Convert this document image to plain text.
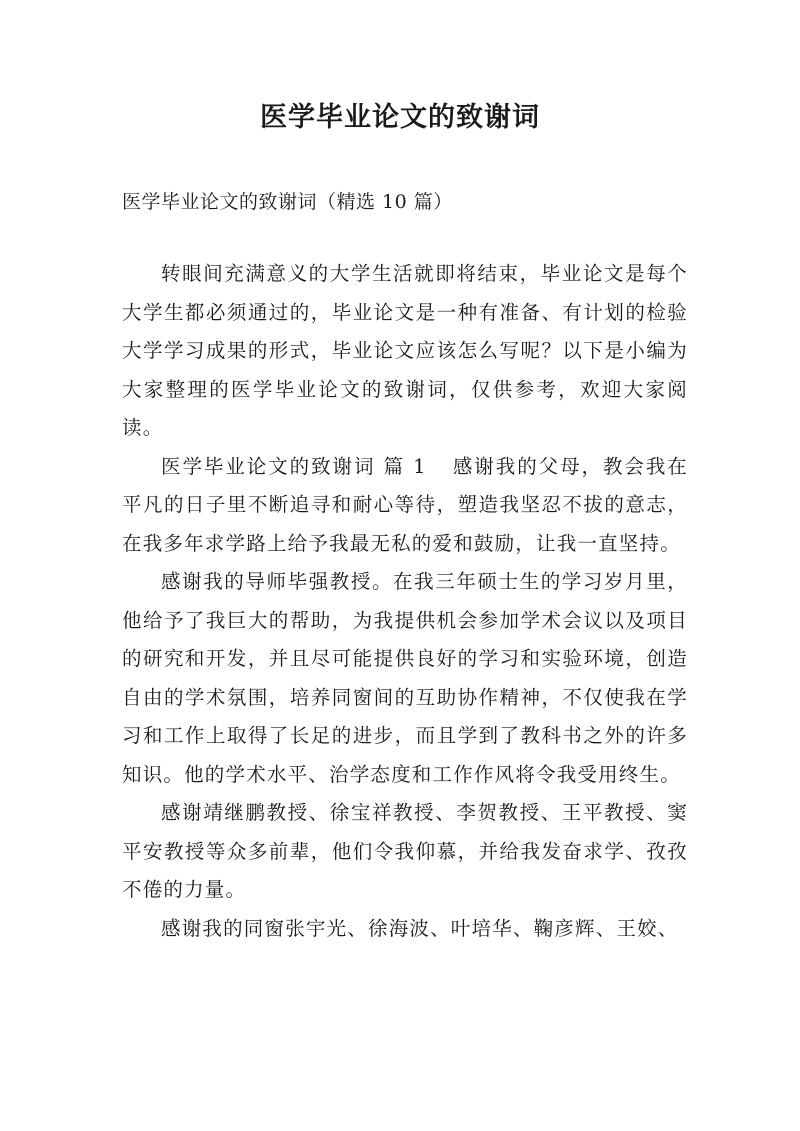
医学毕业论文的致谢词

医学毕业论文的致谢词（精选 10 篇）

转眼间充满意义的大学生活就即将结束，毕业论文是每个大学生都必须通过的，毕业论文是一种有准备、有计划的检验大学学习成果的形式，毕业论文应该怎么写呢？以下是小编为大家整理的医学毕业论文的致谢词，仅供参考，欢迎大家阅读。

医学毕业论文的致谢词 篇 1 感谢我的父母，教会我在平凡的日子里不断追寻和耐心等待，塑造我坚忍不拔的意志，在我多年求学路上给予我最无私的爱和鼓励，让我一直坚持。

感谢我的导师毕强教授。在我三年硕士生的学习岁月里，他给予了我巨大的帮助，为我提供机会参加学术会议以及项目的研究和开发，并且尽可能提供良好的学习和实验环境，创造自由的学术氛围，培养同窗间的互助协作精神，不仅使我在学习和工作上取得了长足的进步，而且学到了教科书之外的许多知识。他的学术水平、治学态度和工作作风将令我受用终生。

感谢靖继鹏教授、徐宝祥教授、李贺教授、王平教授、窦平安教授等众多前辈，他们令我仰慕，并给我发奋求学、孜孜不倦的力量。

感谢我的同窗张宇光、徐海波、叶培华、鞠彦辉、王姣、
